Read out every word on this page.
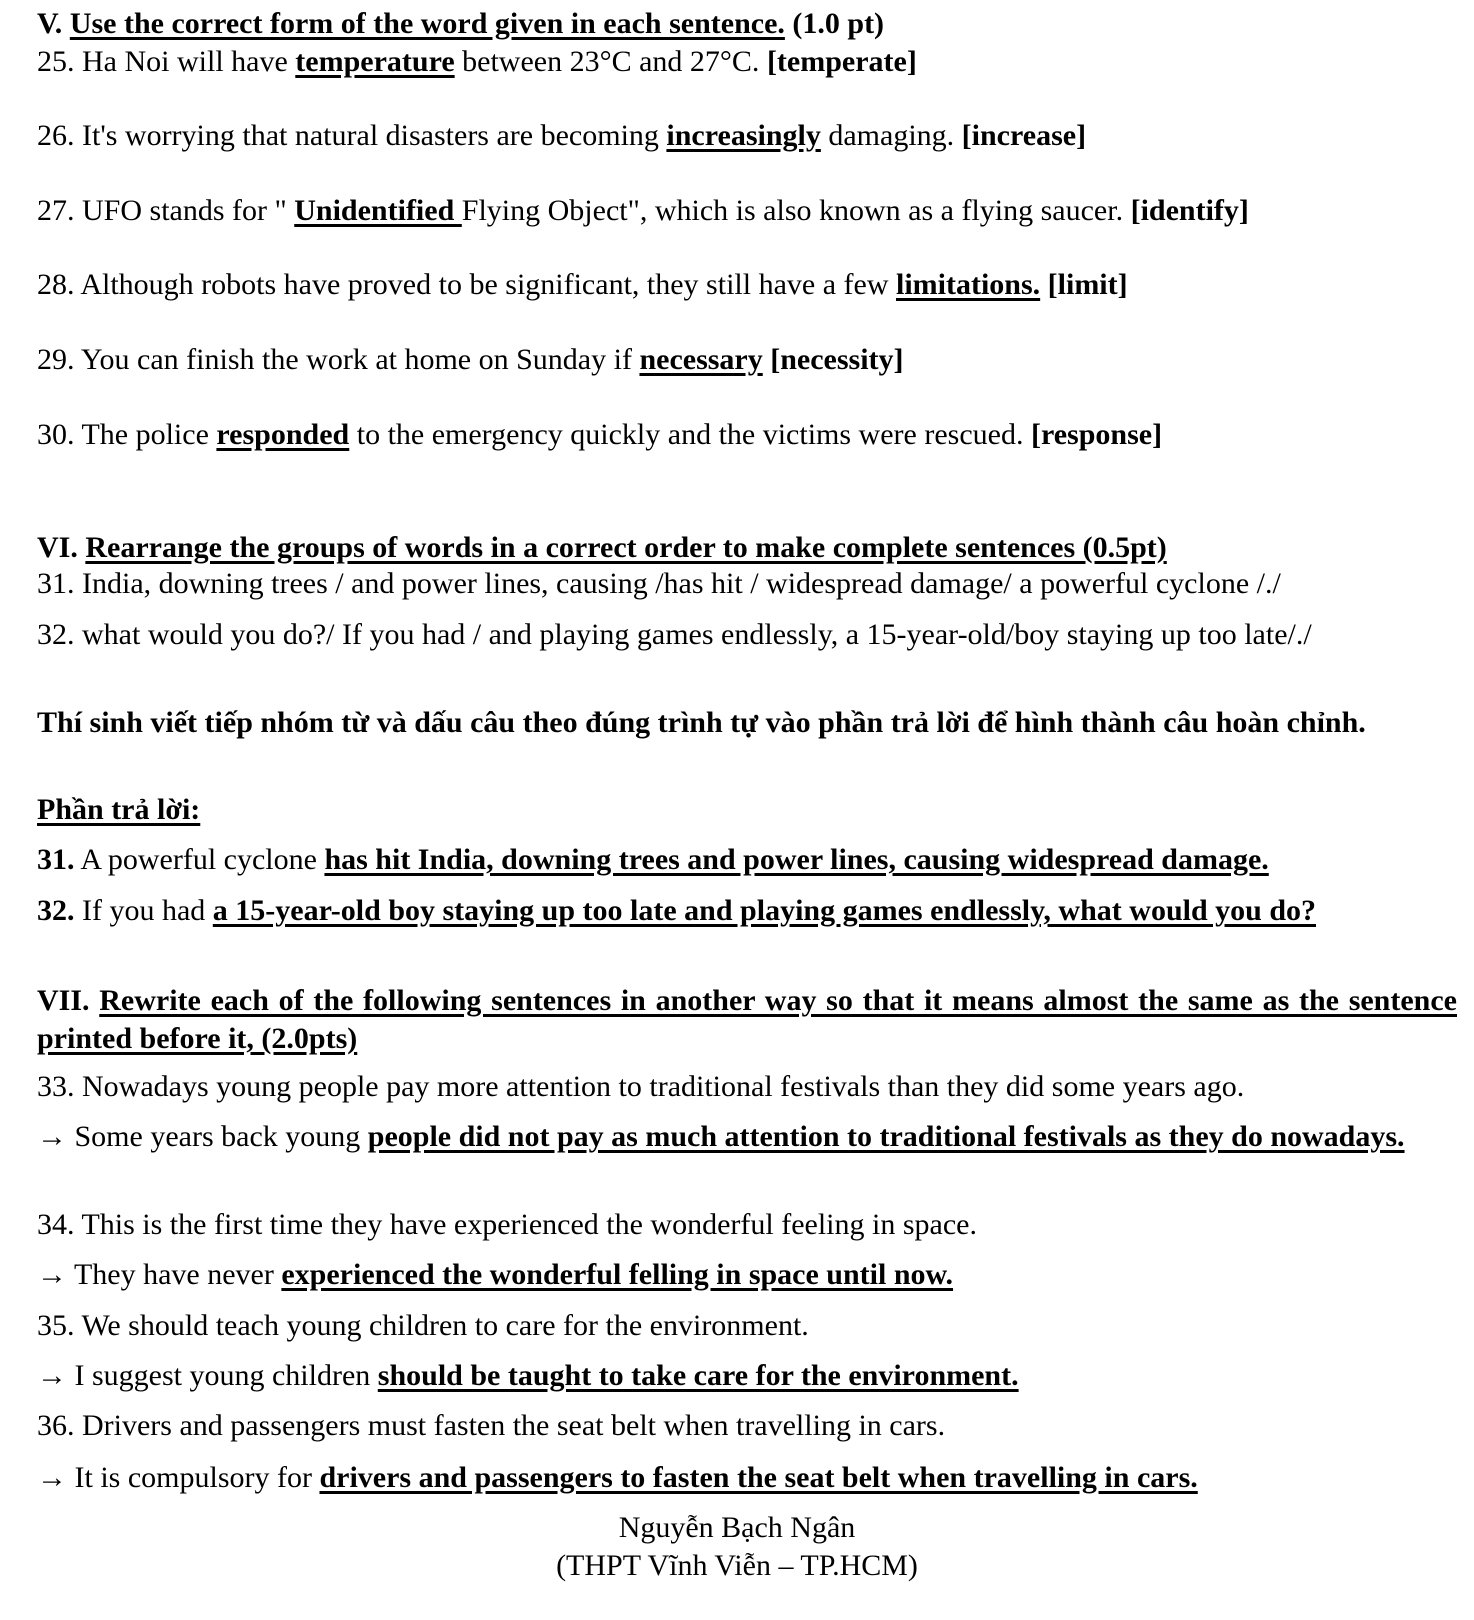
V. Use the correct form of the word given in each sentence. (1.0 pt)
25. Ha Noi will have temperature between 23°C and 27°C. [temperate]
26. It's worrying that natural disasters are becoming increasingly damaging. [increase]
27. UFO stands for " Unidentified Flying Object", which is also known as a flying saucer. [identify]
28. Although robots have proved to be significant, they still have a few limitations. [limit]
29. You can finish the work at home on Sunday if necessary [necessity]
30. The police responded to the emergency quickly and the victims were rescued. [response]
VI. Rearrange the groups of words in a correct order to make complete sentences (0.5pt)
31. India, downing trees / and power lines, causing /has hit / widespread damage/ a powerful cyclone /./
32. what would you do?/ If you had / and playing games endlessly, a 15-year-old/boy staying up too late/./
Thí sinh viết tiếp nhóm từ và dấu câu theo đúng trình tự vào phần trả lời để hình thành câu hoàn chỉnh.
Phần trả lời:
31. A powerful cyclone has hit India, downing trees and power lines, causing widespread damage.
32. If you had a 15-year-old boy staying up too late and playing games endlessly, what would you do?
VII. Rewrite each of the following sentences in another way so that it means almost the same as the sentence printed before it, (2.0pts)
33. Nowadays young people pay more attention to traditional festivals than they did some years ago.
→ Some years back young people did not pay as much attention to traditional festivals as they do nowadays.
34. This is the first time they have experienced the wonderful feeling in space.
→ They have never experienced the wonderful felling in space until now.
35. We should teach young children to care for the environment.
→ I suggest young children should be taught to take care for the environment.
36. Drivers and passengers must fasten the seat belt when travelling in cars.
→ It is compulsory for drivers and passengers to fasten the seat belt when travelling in cars.
Nguyễn Bạch Ngân
(THPT Vĩnh Viễn – TP.HCM)
